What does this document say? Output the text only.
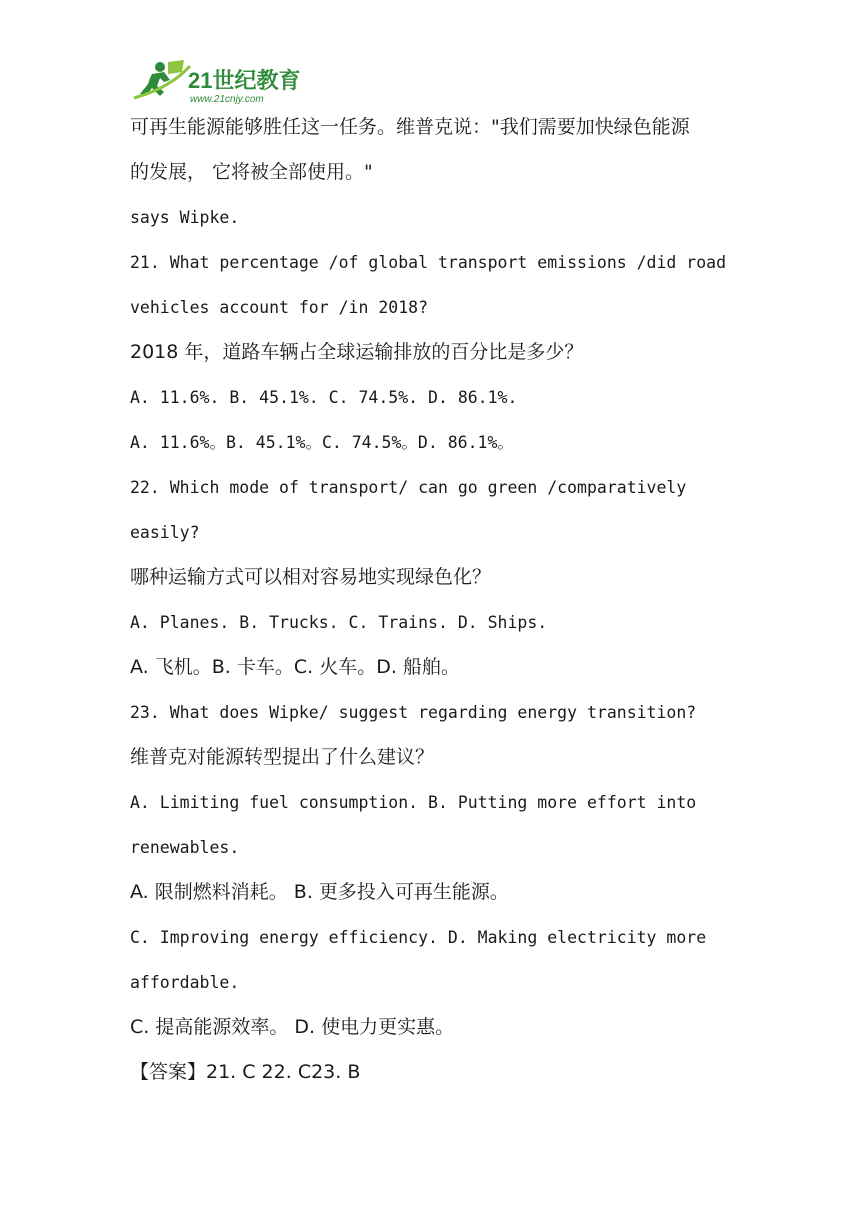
21世纪教育
www.21cnjy.com
可再生能源能够胜任这一任务。维普克说："我们需要加快绿色能源
的发展， 它将被全部使用。"
says Wipke.
21. What percentage /of global transport emissions /did road
vehicles account for /in 2018?
2018 年，道路车辆占全球运输排放的百分比是多少？
A. 11.6%. B. 45.1%. C. 74.5%. D. 86.1%.
A. 11.6%。B. 45.1%。C. 74.5%。D. 86.1%。
22. Which mode of transport/ can go green /comparatively
easily?
哪种运输方式可以相对容易地实现绿色化？
A. Planes. B. Trucks. C. Trains. D. Ships.
A. 飞机。B. 卡车。C. 火车。D. 船舶。
23. What does Wipke/ suggest regarding energy transition?
维普克对能源转型提出了什么建议？
A. Limiting fuel consumption. B. Putting more effort into
renewables.
A. 限制燃料消耗。 B. 更多投入可再生能源。
C. Improving energy efficiency. D. Making electricity more
affordable.
C. 提高能源效率。 D. 使电力更实惠。
【答案】21. C 22. C23. B
